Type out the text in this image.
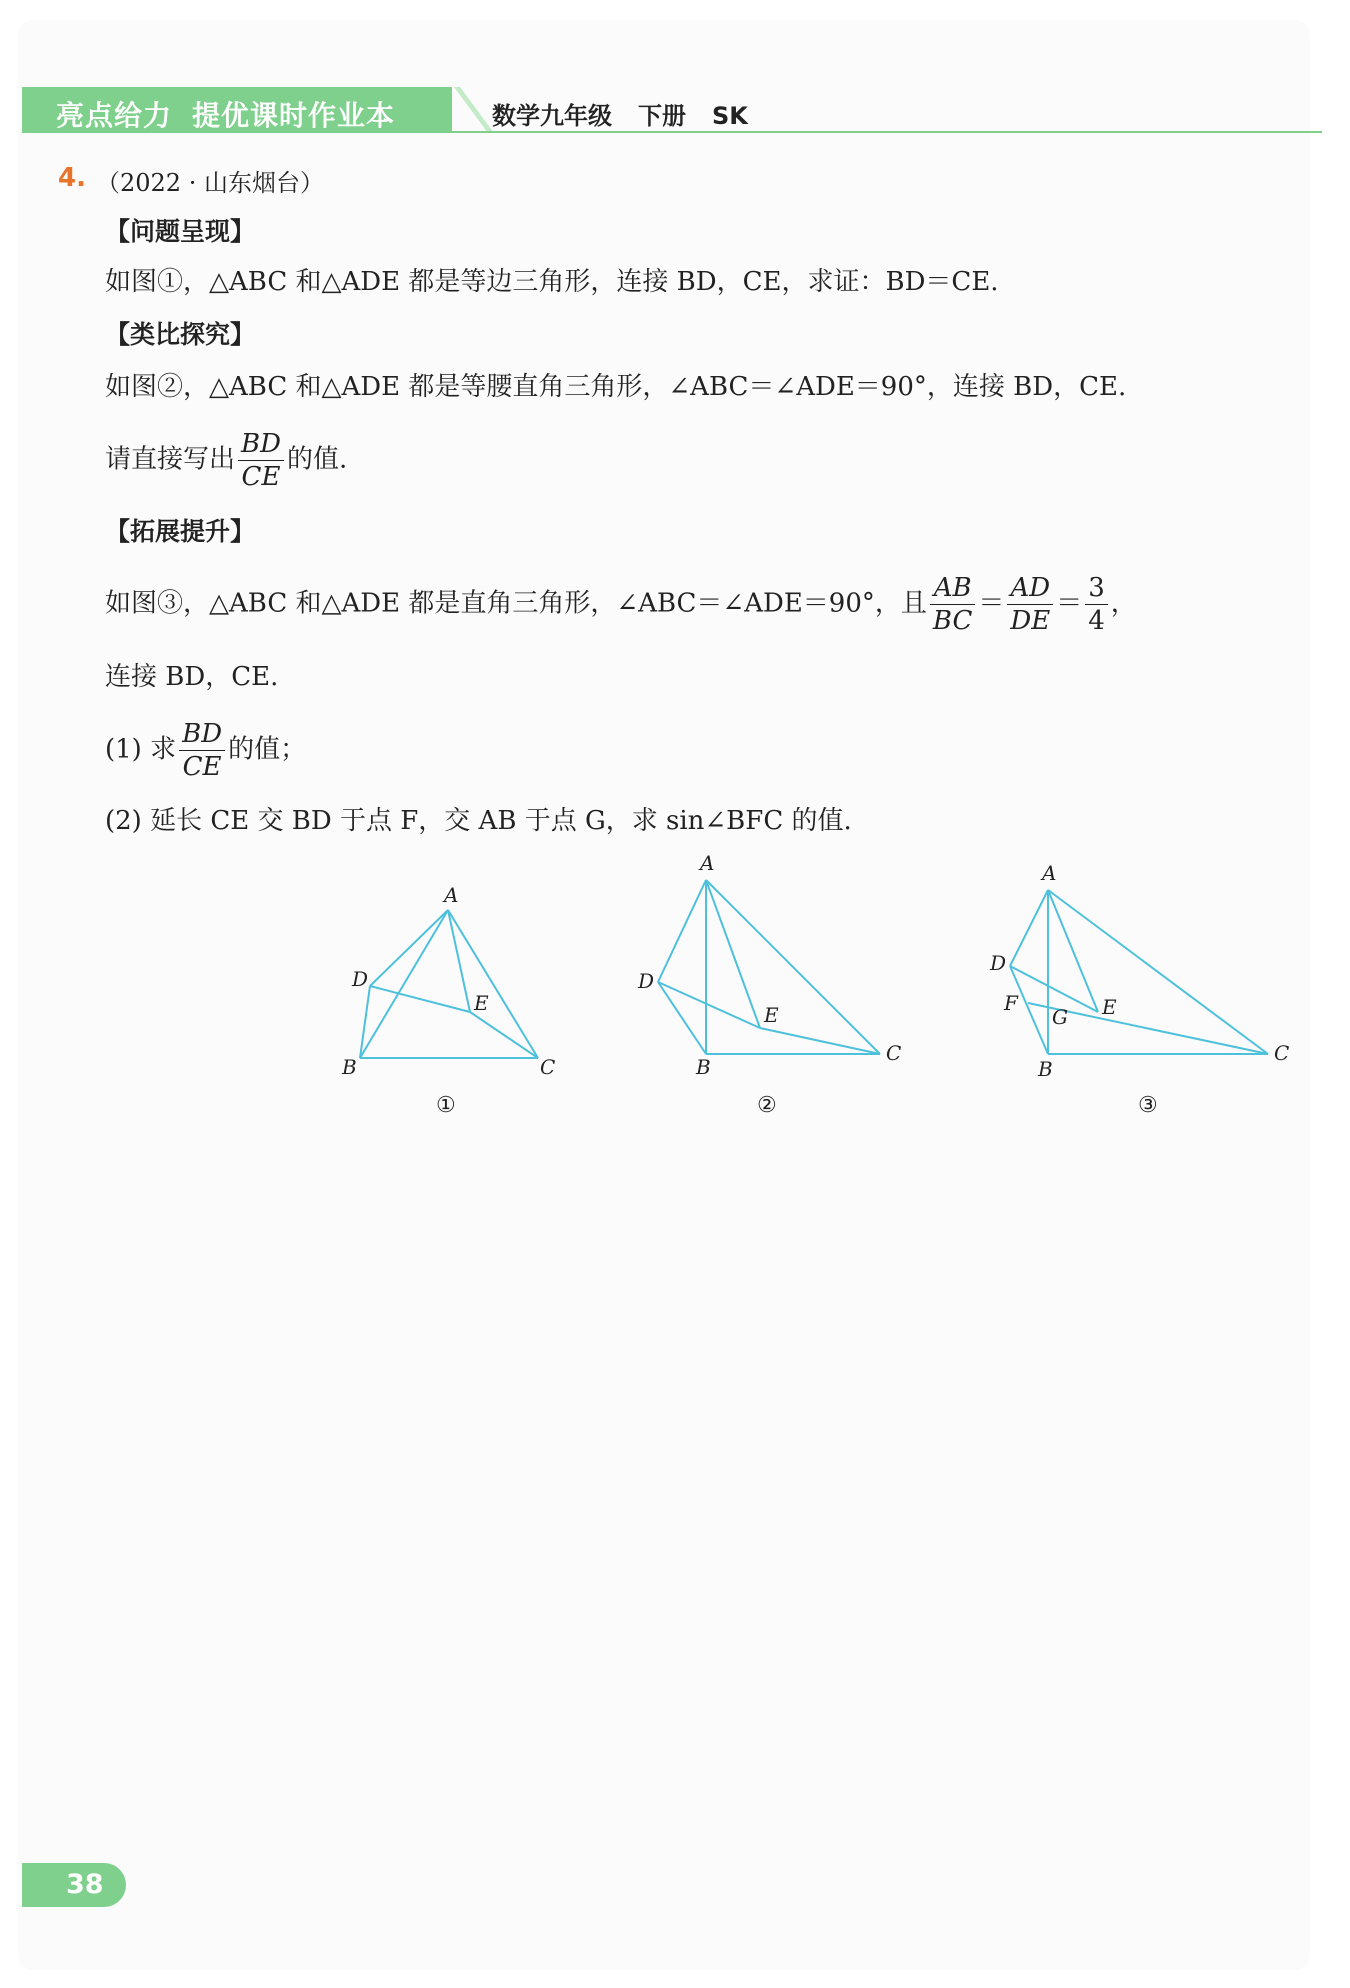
亮点给力 提优课时作业本	数学九年级 下册 SK
4. （2022 · 山东烟台）
【问题呈现】
如图①，△ABC 和△ADE 都是等边三角形，连接 BD，CE，求证：BD＝CE.
【类比探究】
如图②，△ABC 和△ADE 都是等腰直角三角形，∠ABC＝∠ADE＝90°，连接 BD，CE.
请直接写出 $\frac{BD}{CE}$ 的值.
【拓展提升】
如图③，△ABC 和△ADE 都是直角三角形，∠ABC＝∠ADE＝90°，且 $\frac{AB}{BC} = \frac{AD}{DE} = \frac{3}{4}$ ，
连接 BD，CE.
(1) 求 $\frac{BD}{CE}$ 的值；
(2) 延长 CE 交 BD 于点 F，交 AB 于点 G，求 sin∠BFC 的值.
A
B	C
D
E
①
A
B
C
D
E
②
A
B
C
D
E
F
G
③
38
